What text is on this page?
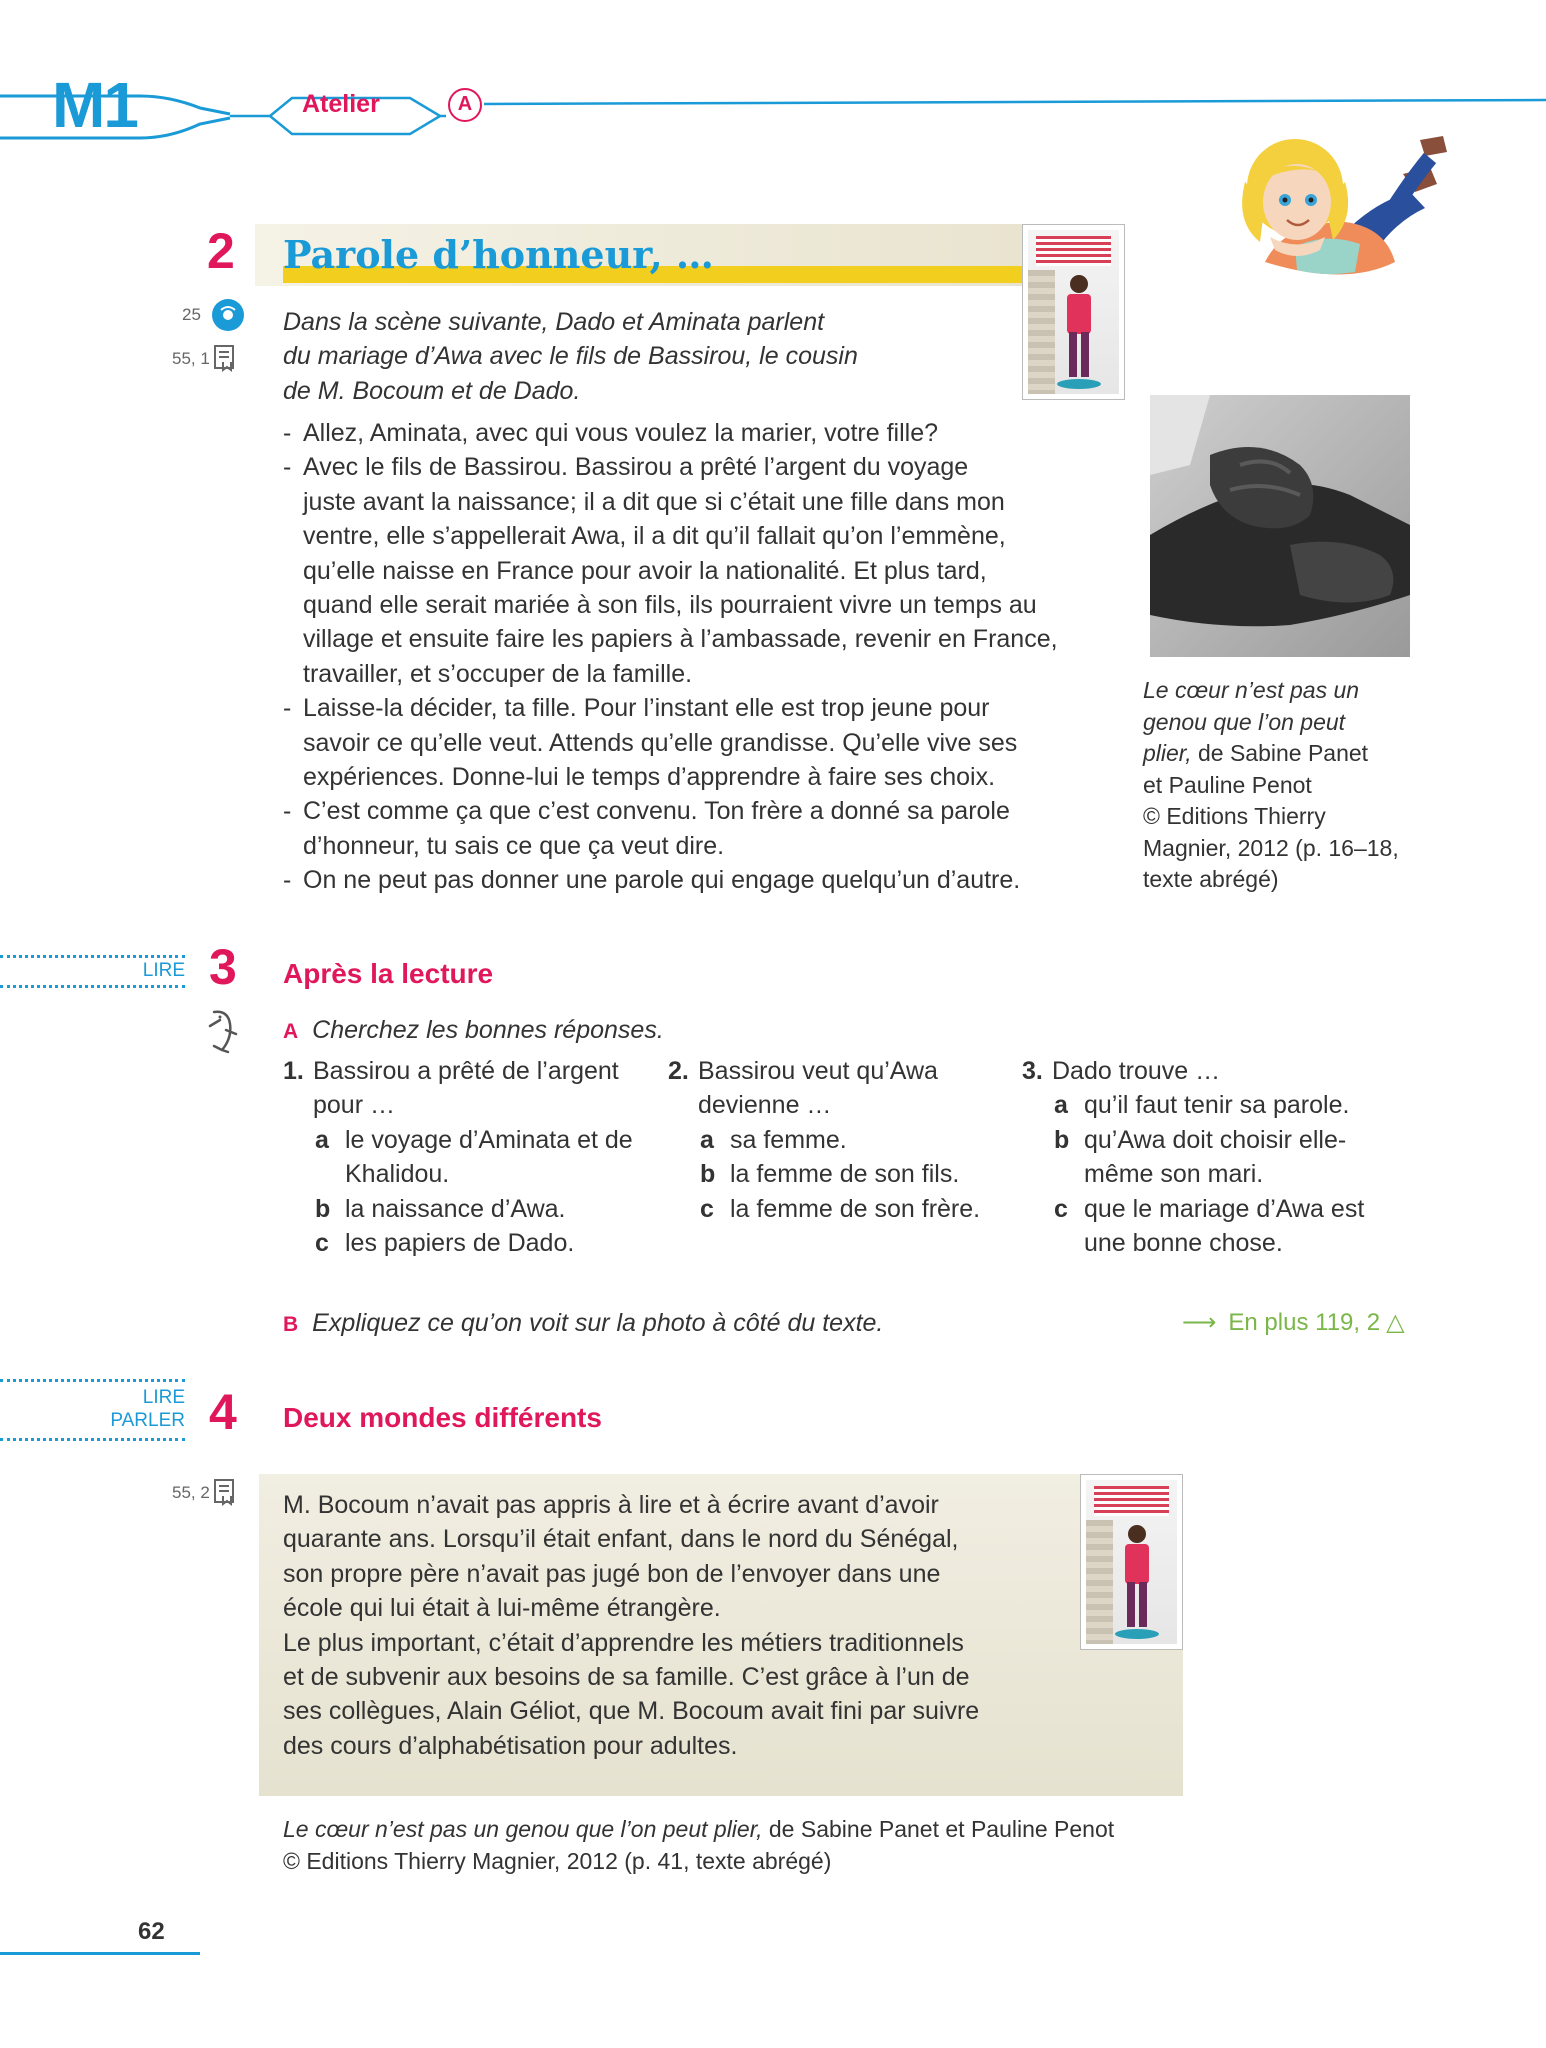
M1	Atelier	A
2 Parole d’honneur, …
25
55, 1
Dans la scène suivante, Dado et Aminata parlent
du mariage d’Awa avec le fils de Bassirou, le cousin
de M. Bocoum et de Dado.
- Allez, Aminata, avec qui vous voulez la marier, votre fille?
- Avec le fils de Bassirou. Bassirou a prêté l’argent du voyage
juste avant la naissance; il a dit que si c’était une fille dans mon
ventre, elle s’appellerait Awa, il a dit qu’il fallait qu’on l’emmène,
qu’elle naisse en France pour avoir la nationalité. Et plus tard,
quand elle serait mariée à son fils, ils pourraient vivre un temps au
village et ensuite faire les papiers à l’ambassade, revenir en France,
travailler, et s’occuper de la famille.
- Laisse-la décider, ta fille. Pour l’instant elle est trop jeune pour
savoir ce qu’elle veut. Attends qu’elle grandisse. Qu’elle vive ses
expériences. Donne-lui le temps d’apprendre à faire ses choix.
- C’est comme ça que c’est convenu. Ton frère a donné sa parole
d’honneur, tu sais ce que ça veut dire.
- On ne peut pas donner une parole qui engage quelqu’un d’autre.
Le cœur n’est pas un
genou que l’on peut
plier, de Sabine Panet
et Pauline Penot
© Editions Thierry
Magnier, 2012 (p. 16–18,
texte abrégé)
LIRE 3 Après la lecture
A Cherchez les bonnes réponses.
1. Bassirou a prêté de l’argent
pour …
a le voyage d’Aminata et de
Khalidou.
b la naissance d’Awa.
c les papiers de Dado.
2. Bassirou veut qu’Awa
devienne …
a sa femme.
b la femme de son fils.
c la femme de son frère.
3. Dado trouve …
a qu’il faut tenir sa parole.
b qu’Awa doit choisir elle-
même son mari.
c que le mariage d’Awa est
une bonne chose.
B Expliquez ce qu’on voit sur la photo à côté du texte.	⟶ En plus 119, 2 △
LIRE
PARLER 4 Deux mondes différents
55, 2	M. Bocoum n’avait pas appris à lire et à écrire avant d’avoir
quarante ans. Lorsqu’il était enfant, dans le nord du Sénégal,
son propre père n’avait pas jugé bon de l’envoyer dans une
école qui lui était à lui-même étrangère.
Le plus important, c’était d’apprendre les métiers traditionnels
et de subvenir aux besoins de sa famille. C’est grâce à l’un de
ses collègues, Alain Géliot, que M. Bocoum avait fini par suivre
des cours d’alphabétisation pour adultes.
Le cœur n’est pas un genou que l’on peut plier, de Sabine Panet et Pauline Penot
© Editions Thierry Magnier, 2012 (p. 41, texte abrégé)
62
